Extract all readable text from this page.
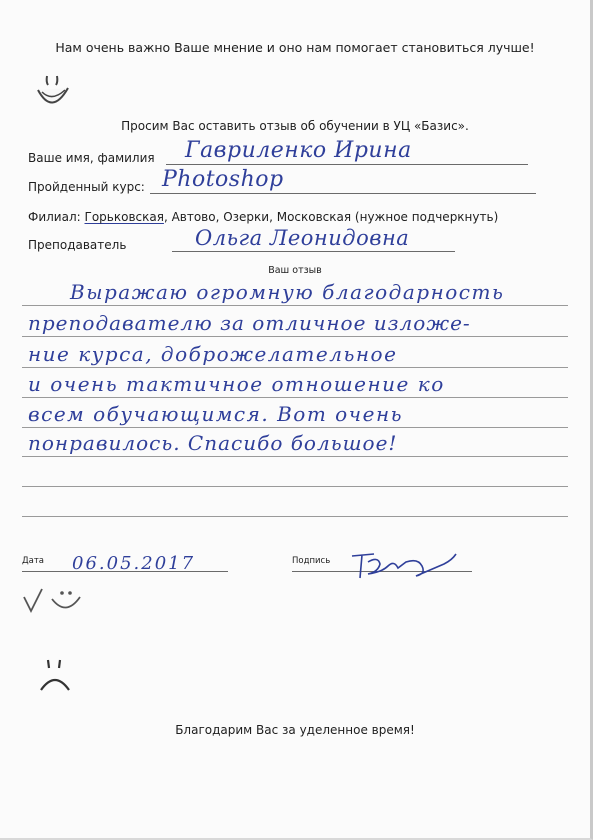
Нам очень важно Ваше мнение и оно нам помогает становиться лучше!
Просим Вас оставить отзыв об обучении в УЦ «Базис».
Ваше имя, фамилия Гавриленко Ирина
Пройденный курс: Photoshop
Филиал: Горьковская, Автово, Озерки, Московская (нужное подчеркнуть)
Преподаватель	Ольга Леонидовна
Ваш отзыв
Выражаю огромную благодарность
преподавателю за отличное изложе-
ние курса, доброжелательное
и очень тактичное отношение ко
всем обучающимся. Вот очень
понравилось. Спасибо большое!
Дата 06.05.2017	Подпись
Благодарим Вас за уделенное время!
